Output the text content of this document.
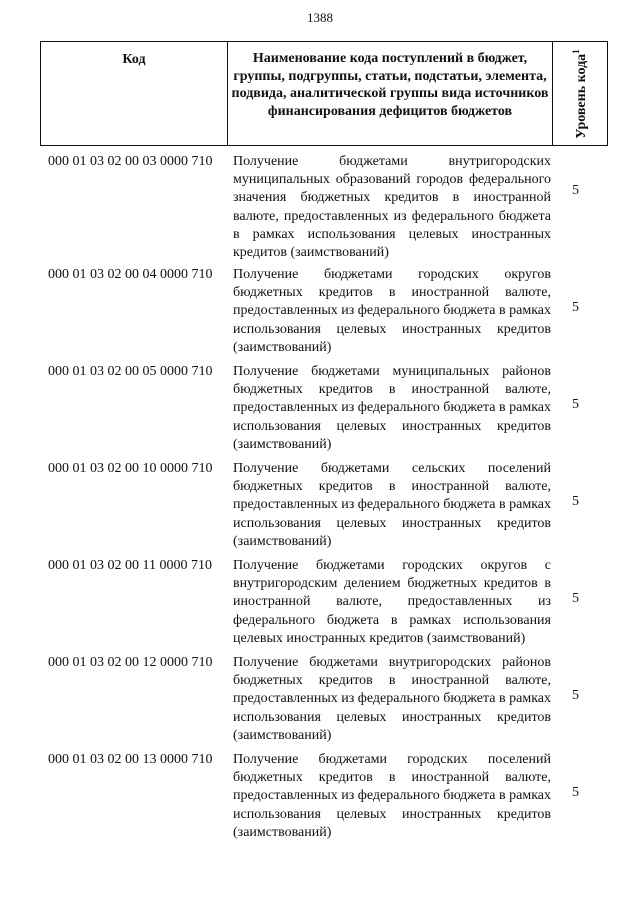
1388
Код	Наименование кода поступлений в бюджет, группы, подгруппы, статьи, подстатьи, элемента, подвида, аналитической группы вида источников финансирования дефицитов бюджетов	Уровень кода$^1$
000 01 03 02 00 03 0000 710 Получение бюджетами внутригородских муниципальных образований городов федерального значения бюджетных кредитов в иностранной валюте, предоставленных из федерального бюджета в рамках использования целевых иностранных кредитов (заимствований)
5
000 01 03 02 00 04 0000 710 Получение бюджетами городских округов бюджетных кредитов в иностранной валюте, предоставленных из федерального бюджета в рамках использования целевых иностранных кредитов (заимствований)
5
000 01 03 02 00 05 0000 710 Получение бюджетами муниципальных районов бюджетных кредитов в иностранной валюте, предоставленных из федерального бюджета в рамках использования целевых иностранных кредитов (заимствований)
5
000 01 03 02 00 10 0000 710 Получение бюджетами сельских поселений бюджетных кредитов в иностранной валюте, предоставленных из федерального бюджета в рамках использования целевых иностранных кредитов (заимствований)
5
000 01 03 02 00 11 0000 710 Получение бюджетами городских округов с внутригородским делением бюджетных кредитов в иностранной валюте, предоставленных из федерального бюджета в рамках использования целевых иностранных кредитов (заимствований)
5
000 01 03 02 00 12 0000 710 Получение бюджетами внутригородских районов бюджетных кредитов в иностранной валюте, предоставленных из федерального бюджета в рамках использования целевых иностранных кредитов (заимствований)
5
000 01 03 02 00 13 0000 710 Получение бюджетами городских поселений бюджетных кредитов в иностранной валюте, предоставленных из федерального бюджета в рамках использования целевых иностранных кредитов (заимствований)
5
